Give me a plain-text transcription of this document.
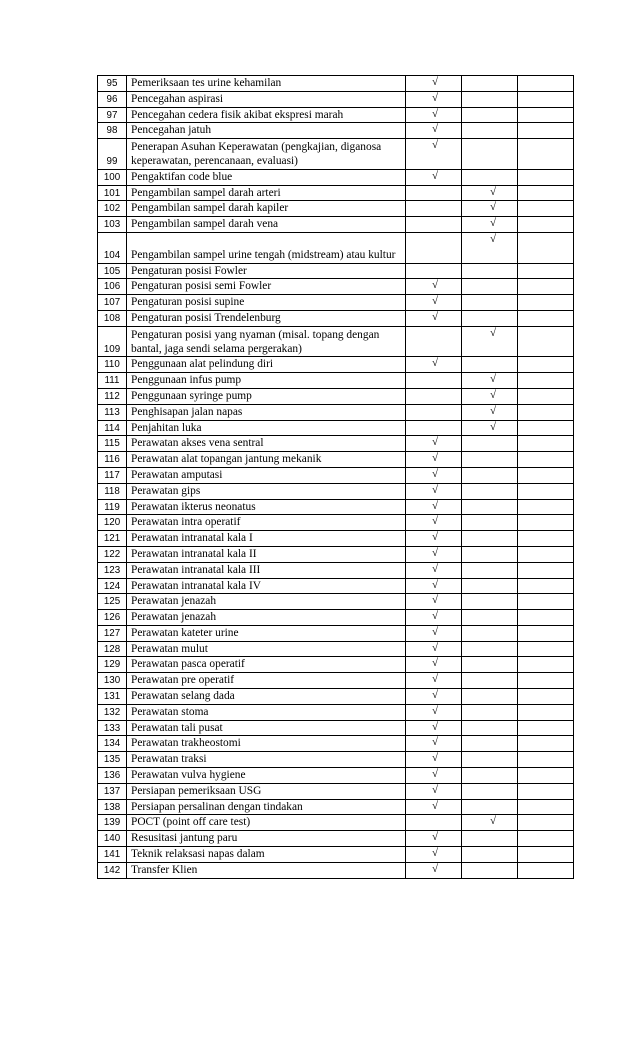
95	Pemeriksaan tes urine kehamilan	√		
96	Pencegahan aspirasi	√		
97	Pencegahan cedera fisik akibat ekspresi marah	√		
98	Pencegahan jatuh	√		
99	Penerapan Asuhan Keperawatan (pengkajian, diganosa keperawatan, perencanaan, evaluasi)	√		
100	Pengaktifan code blue	√		
101	Pengambilan sampel darah arteri		√	
102	Pengambilan sampel darah kapiler		√	
103	Pengambilan sampel darah vena		√	
104	Pengambilan sampel urine tengah (midstream) atau kultur		√	
105	Pengaturan posisi Fowler			
106	Pengaturan posisi semi Fowler	√		
107	Pengaturan posisi supine	√		
108	Pengaturan posisi Trendelenburg	√		
109	Pengaturan posisi yang nyaman (misal. topang dengan bantal, jaga sendi selama pergerakan)		√	
110	Penggunaan alat pelindung diri	√		
111	Penggunaan infus pump		√	
112	Penggunaan syringe pump		√	
113	Penghisapan jalan napas		√	
114	Penjahitan luka		√	
115	Perawatan akses vena sentral	√		
116	Perawatan alat topangan jantung mekanik	√		
117	Perawatan amputasi	√		
118	Perawatan gips	√		
119	Perawatan ikterus neonatus	√		
120	Perawatan intra operatif	√		
121	Perawatan intranatal kala I	√		
122	Perawatan intranatal kala II	√		
123	Perawatan intranatal kala III	√		
124	Perawatan intranatal kala IV	√		
125	Perawatan jenazah	√		
126	Perawatan jenazah	√		
127	Perawatan kateter urine	√		
128	Perawatan mulut	√		
129	Perawatan pasca operatif	√		
130	Perawatan pre operatif	√		
131	Perawatan selang dada	√		
132	Perawatan stoma	√		
133	Perawatan tali pusat	√		
134	Perawatan trakheostomi	√		
135	Perawatan traksi	√		
136	Perawatan vulva hygiene	√		
137	Persiapan pemeriksaan USG	√		
138	Persiapan persalinan dengan tindakan	√		
139	POCT (point off care test)		√	
140	Resusitasi jantung paru	√		
141	Teknik relaksasi napas dalam	√		
142	Transfer Klien	√		
